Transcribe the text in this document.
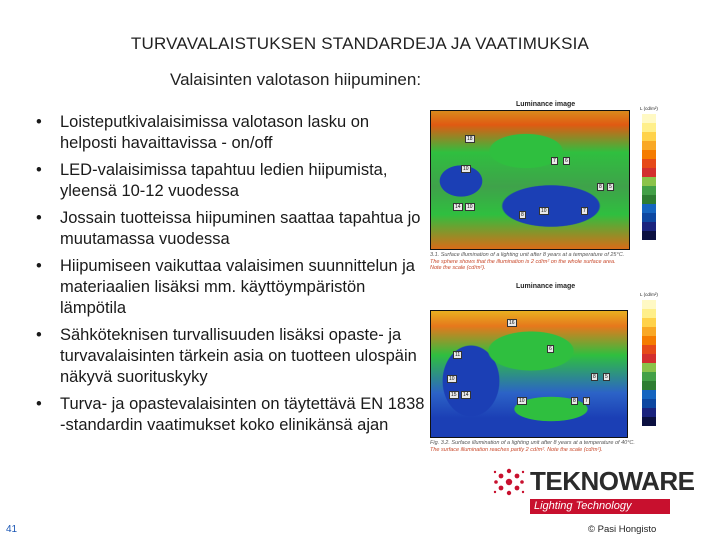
TURVAVALAISTUKSEN STANDARDEJA JA VAATIMUKSIA
Valaisinten valotason hiipuminen:
• Loisteputkivalaisimissa valotason lasku on helposti havaittavissa - on/off
• LED-valaisimissa tapahtuu ledien hiipumista, yleensä 10-12 vuodessa
• Jossain tuotteissa hiipuminen saattaa tapahtua jo muutamassa vuodessa
• Hiipumiseen vaikuttaa valaisimen suunnittelun ja materiaalien lisäksi mm. käyttöympäristön lämpötila
• Sähköteknisen turvallisuuden lisäksi opaste- ja turvavalaisinten tärkein asia on tuotteen ulospäin näkyvä suorituskyky
• Turva- ja opastevalaisinten on täytettävä EN 1838 -standardin vaatimukset koko elinikänsä ajan
Luminance image
18
10
7	6
8	5
14	10
10
8
7
L (cd/m²)
3.1. Surface illumination of a lighting unit after 8 years at a temperature of 25°C.
The sphere shows that the illumination is 2 cd/m² on the whole surface area.
Note the scale (cd/m²).
Luminance image
16
11
6
10	8	5
15	14
10	8	7
L (cd/m²)
Fig. 3.2. Surface illumination of a lighting unit after 8 years at a temperature of 40°C.
The surface illumination reaches partly 2 cd/m². Note the scale (cd/m²).
TEKNOWARE
Lighting Technology
41	© Pasi Hongisto
